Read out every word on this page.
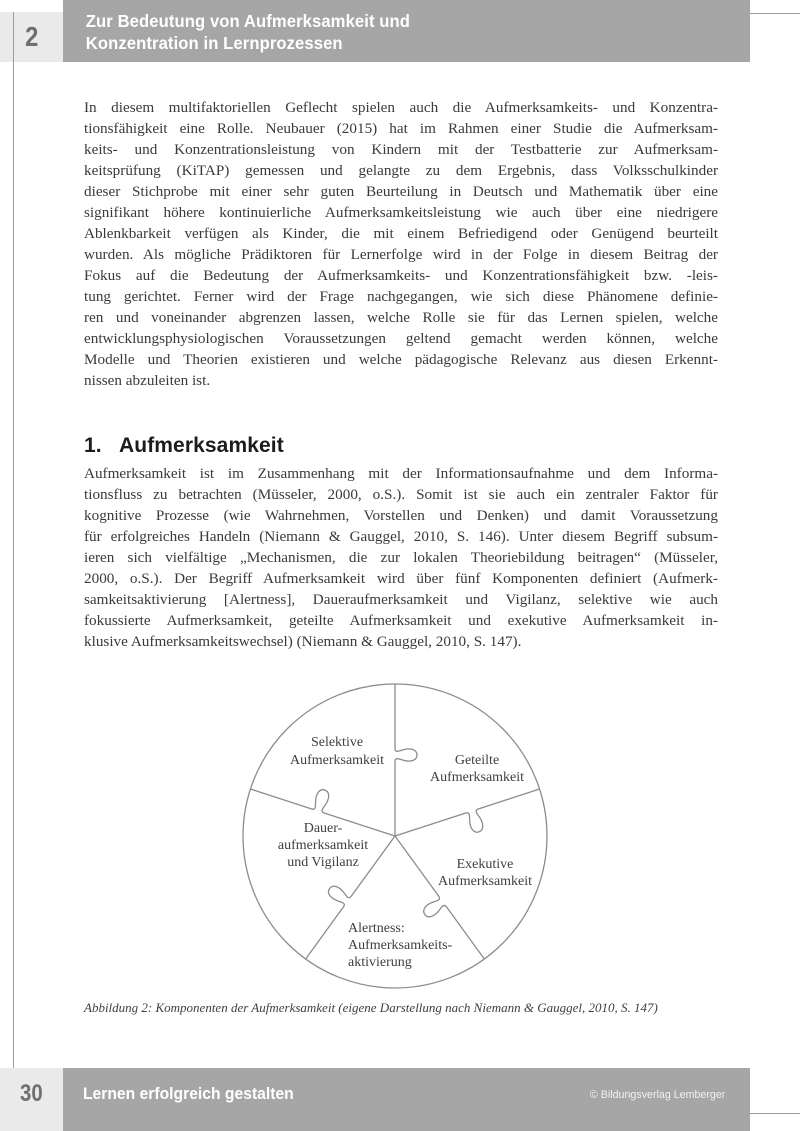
Zur Bedeutung von Aufmerksamkeit und
Konzentration in Lernprozessen
2
In diesem multifaktoriellen Geflecht spielen auch die Aufmerksamkeits- und Konzentra-
tionsfähigkeit eine Rolle. Neubauer (2015) hat im Rahmen einer Studie die Aufmerksam-
keits- und Konzentrationsleistung von Kindern mit der Testbatterie zur Aufmerksam-
keitsprüfung (KiTAP) gemessen und gelangte zu dem Ergebnis, dass Volksschulkinder
dieser Stichprobe mit einer sehr guten Beurteilung in Deutsch und Mathematik über eine
signifikant höhere kontinuierliche Aufmerksamkeitsleistung wie auch über eine niedrigere
Ablenkbarkeit verfügen als Kinder, die mit einem Befriedigend oder Genügend beurteilt
wurden. Als mögliche Prädiktoren für Lernerfolge wird in der Folge in diesem Beitrag der
Fokus auf die Bedeutung der Aufmerksamkeits- und Konzentrationsfähigkeit bzw. -leis-
tung gerichtet. Ferner wird der Frage nachgegangen, wie sich diese Phänomene definie-
ren und voneinander abgrenzen lassen, welche Rolle sie für das Lernen spielen, welche
entwicklungsphysiologischen Voraussetzungen geltend gemacht werden können, welche
Modelle und Theorien existieren und welche pädagogische Relevanz aus diesen Erkennt-
nissen abzuleiten ist.
1. Aufmerksamkeit
Aufmerksamkeit ist im Zusammenhang mit der Informationsaufnahme und dem Informa-
tionsfluss zu betrachten (Müsseler, 2000, o.S.). Somit ist sie auch ein zentraler Faktor für
kognitive Prozesse (wie Wahrnehmen, Vorstellen und Denken) und damit Voraussetzung
für erfolgreiches Handeln (Niemann & Gauggel, 2010, S. 146). Unter diesem Begriff subsum-
ieren sich vielfältige „Mechanismen, die zur lokalen Theoriebildung beitragen“ (Müsseler,
2000, o.S.). Der Begriff Aufmerksamkeit wird über fünf Komponenten definiert (Aufmerk-
samkeitsaktivierung [Alertness], Daueraufmerksamkeit und Vigilanz, selektive wie auch
fokussierte Aufmerksamkeit, geteilte Aufmerksamkeit und exekutive Aufmerksamkeit in-
klusive Aufmerksamkeitswechsel) (Niemann & Gauggel, 2010, S. 147).
Selektive
Aufmerksamkeit	Geteilte
Aufmerksamkeit
Dauer-
aufmerksamkeit
und Vigilanz	Exekutive
Aufmerksamkeit
Alertness:
Aufmerksamkeits-
aktivierung
Abbildung 2: Komponenten der Aufmerksamkeit (eigene Darstellung nach Niemann & Gauggel, 2010, S. 147)
Lernen erfolgreich gestalten	© Bildungsverlag Lemberger
30
